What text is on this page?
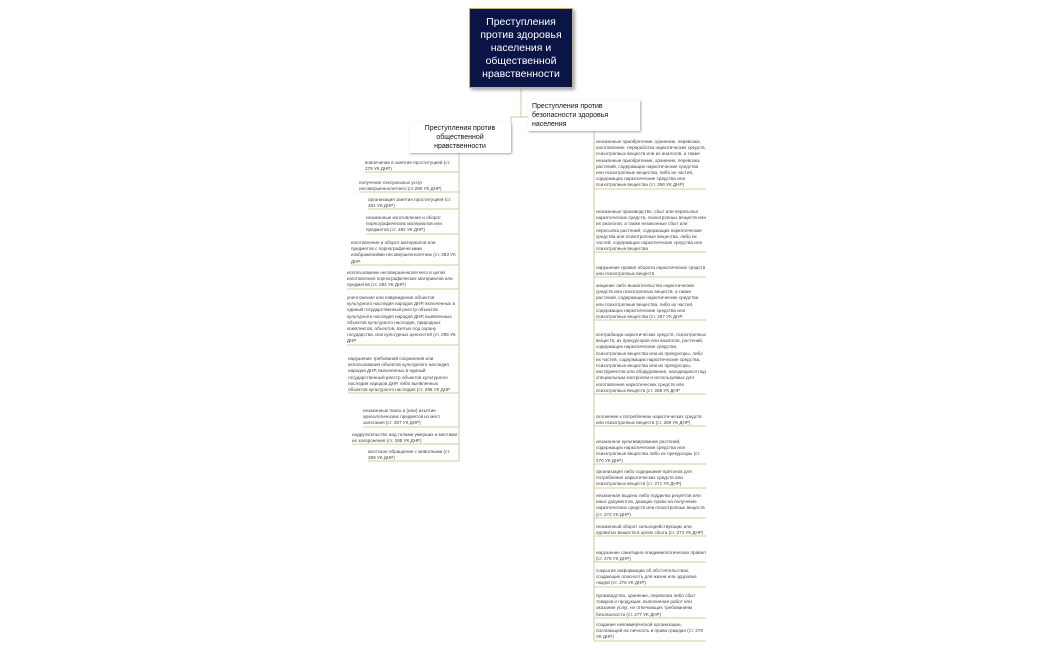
Преступления против здоровья населения и общественной нравственности
Преступления против безопасности здоровья населения
Преступления против общественной нравственности
вовлечение в занятие проституцией (ст. 279 УК ДНР)
получение сексуальных услуг несовершеннолетнего (ст.280 УК ДНР)
организация занятия проституцией (ст. 281 УК ДНР)
незаконные изготовление и оборот порнографических материалов или предметов (ст. 282 УК ДНР)
изготовление и оборот материалов или предметов с порнографическими изображениями несовершеннолетних (ст. 283 УК ДНР
использование несовершеннолетнего в целях изготовления порнографических материалов или предметов (ст. 284 УК ДНР)
уничтожение или повреждение объектов культурного наследия народов ДНР, включенных в единый государственный реестр объектов культурного наследия народов ДНР, выявленных объектов культурного наследия, природных комплексов, объектов, взятых под охрану государства, или культурных ценностей (ст. 285 УК ДНР
нарушение требований сохранения или использования объектов культурного наследия народов ДНР, включенных в единый государственный реестр объектов культурного наследия народов ДНР, либо выявленных объектов культурного наследия (ст. 286 УК ДНР
незаконные поиск и (или) изъятие археологических предметов из мест залегания (ст. 287 УК ДНР)
надругательство над телами умерших и местами их захоронения (ст. 288 УК ДНР)
жестокое обращение с животными (ст. 289 УК ДНР)
незаконные приобретение, хранение, перевозка, изготовление, переработка наркотических средств, психотропных веществ или их аналогов, а также незаконные приобретение, хранение, перевозка растений, содержащих наркотические средства или психотропные вещества, либо их частей, содержащих наркотические средства или психотропные вещества (ст. 266 УК ДНР)
незаконные производство, сбыт или пересылка наркотических средств, психотропных веществ или их аналогов, а также незаконные сбыт или пересылка растений, содержащих наркотические средства или психотропные вещества, либо их частей, содержащих наркотические средства или психотропные вещества
нарушение правил оборота наркотических средств или психотропных веществ
хищение либо вымогательство наркотических средств или психотропных веществ, а также растений, содержащих наркотические средства или психотропные вещества, либо их частей, содержащих наркотические средства или психотропные вещества (ст. 267 УК ДНР
контрабанда наркотических средств, психотропных веществ, их прекурсоров или аналогов, растений, содержащих наркотические средства, психотропные вещества или их прекурсоры, либо их частей, содержащих наркотические средства, психотропные вещества или их прекурсоры, инструментов или оборудования, находящихся под специальным контролем и используемых для изготовления наркотических средств или психотропных веществ (ст. 268 УК ДНР
склонение к потреблению наркотических средств или психотропных веществ (ст. 269 УК ДНР)
незаконное культивирование растений, содержащих наркотические средства или психотропные вещества либо их прекурсоры (ст. 270 УК ДНР)
организация либо содержание притонов для потребления наркотических средств или психотропных веществ (ст. 271 УК ДНР)
незаконная выдача либо подделка рецептов или иных документов, дающих право на получение наркотических средств или психотропных веществ (ст. 272 УК ДНР)
незаконный оборот сильнодействующих или ядовитых веществ в целях сбыта (ст. 273 УК ДНР)
нарушение санитарно-эпидемиологических правил (ст. 275 УК ДНР)
сокрытие информации об обстоятельствах, создающих опасность для жизни или здоровья людей (ст. 276 УК ДНР)
производство, хранение, перевозка либо сбыт товаров и продукции, выполнение работ или оказание услуг, не отвечающих требованиям безопасности (ст. 277 УК ДНР)
создание некоммерческой организации, посягающей на личность и права граждан (ст. 278 УК ДНР)
